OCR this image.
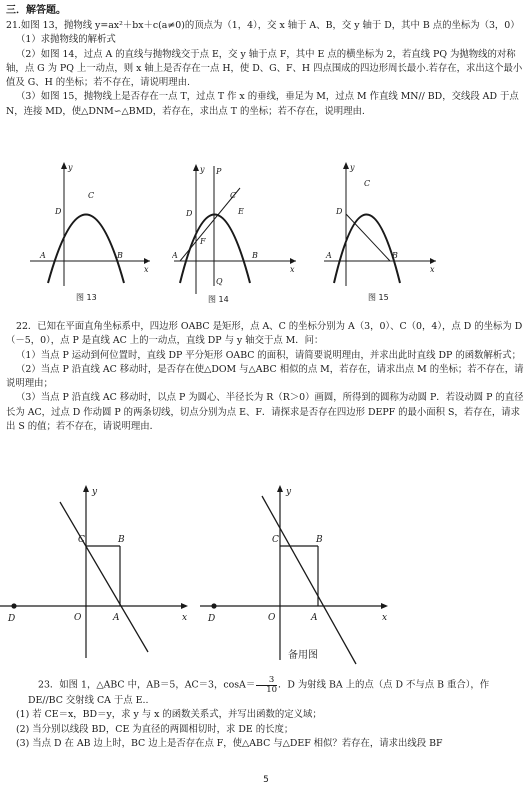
三．解答题。
21.如图 13，抛物线 y=ax²＋bx＋c(a≠0)的顶点为（1，4），交 x 轴于 A、B，交 y 轴于 D，其中 B 点的坐标为（3，0）
（1）求抛物线的解析式
（2）如图 14，过点 A 的直线与抛物线交于点 E，交 y 轴于点 F，其中 E 点的横坐标为 2，若直线 PQ 为抛物线的对称轴，点 G 为 PQ 上一动点，则 x 轴上是否存在一点 H，使 D、G、F、H 四点围成的四边形周长最小.若存在，求出这个最小值及 G、H 的坐标；若不存在，请说明理由.
（3）如图 15，抛物线上是否存在一点 T，过点 T 作 x 的垂线，垂足为 M，过点 M 作直线 MN// BD，交线段 AD 于点 N，连接 MD，使△DNM∽△BMD，若存在，求出点 T 的坐标；若不存在，说明理由.
y
C
D
A	B
x
图 13
y P
C
E
D
F
A	B
x
Q
图 14
y
C
D
A	B
x
图 15
22．已知在平面直角坐标系中，四边形 OABC 是矩形，点 A、C 的坐标分别为 A（3，0）、C（0，4），点 D 的坐标为 D（－5，0），点 P 是直线 AC 上的一动点，直线 DP 与 y 轴交于点 M．问：
（1）当点 P 运动到何位置时，直线 DP 平分矩形 OABC 的面积，请简要说明理由，并求出此时直线 DP 的函数解析式；
（2）当点 P 沿直线 AC 移动时，是否存在使△DOM 与△ABC 相似的点 M，若存在，请求出点 M 的坐标；若不存在，请说明理由；
（3）当点 P 沿直线 AC 移动时，以点 P 为圆心、半径长为 R（R＞0）画圆，所得到的圆称为动圆 P．若设动圆 P 的直径长为 AC，过点 D 作动圆 P 的两条切线，切点分别为点 E、F．请探求是否存在四边形 DEPF 的最小面积 S，若存在，请求出 S 的值；若不存在，请说明理由．
y
x
C	B
O	A
D
y
x
C	B
O	A
D
备用图
23．如图 1，△ABC 中，AB＝5，AC＝3，$\cos A= \frac{3}{10}$ ．D 为射线 BA 上的点（点 D 不与点 B 重合），作 DE//BC 交射线 CA 于点 E..
(1) 若 CE＝x，BD＝y，求 y 与 x 的函数关系式，并写出函数的定义域；
(2) 当分别以线段 BD，CE 为直径的两圆相切时，求 DE 的长度；
(3) 当点 D 在 AB 边上时，BC 边上是否存在点 F，使△ABC 与△DEF 相似？若存在，请求出线段 BF
5
